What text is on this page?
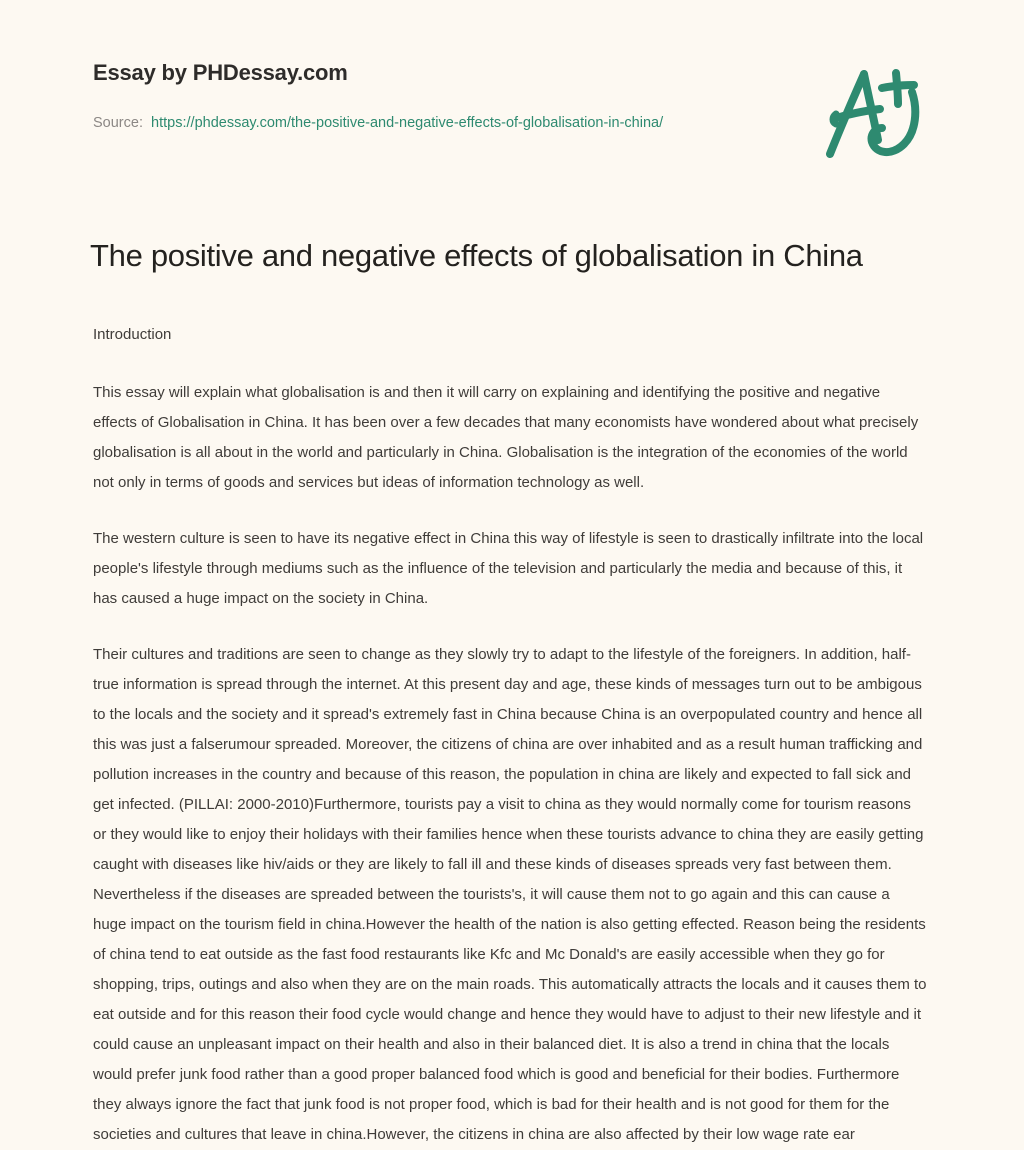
Essay by PHDessay.com
Source: https://phdessay.com/the-positive-and-negative-effects-of-globalisation-in-china/
The positive and negative effects of globalisation in China

Introduction

This essay will explain what globalisation is and then it will carry on explaining and identifying the positive and negative effects of Globalisation in China. It has been over a few decades that many economists have wondered about what precisely globalisation is all about in the world and particularly in China. Globalisation is the integration of the economies of the world not only in terms of goods and services but ideas of information technology as well.

The western culture is seen to have its negative effect in China this way of lifestyle is seen to drastically infiltrate into the local people's lifestyle through mediums such as the influence of the television and particularly the media and because of this, it has caused a huge impact on the society in China.

Their cultures and traditions are seen to change as they slowly try to adapt to the lifestyle of the foreigners. In addition, half-true information is spread through the internet. At this present day and age, these kinds of messages turn out to be ambigous to the locals and the society and it spread's extremely fast in China because China is an overpopulated country and hence all this was just a falserumour spreaded. Moreover, the citizens of china are over inhabited and as a result human trafficking and pollution increases in the country and because of this reason, the population in china are likely and expected to fall sick and get infected. (PILLAI: 2000-2010)Furthermore, tourists pay a visit to china as they would normally come for tourism reasons or they would like to enjoy their holidays with their families hence when these tourists advance to china they are easily getting caught with diseases like hiv/aids or they are likely to fall ill and these kinds of diseases spreads very fast between them. Nevertheless if the diseases are spreaded between the tourists's, it will cause them not to go again and this can cause a huge impact on the tourism field in china.However the health of the nation is also getting effected. Reason being the residents of china tend to eat outside as the fast food restaurants like Kfc and Mc Donald's are easily accessible when they go for shopping, trips, outings and also when they are on the main roads. This automatically attracts the locals and it causes them to eat outside and for this reason their food cycle would change and hence they would have to adjust to their new lifestyle and it could cause an unpleasant impact on their health and also in their balanced diet. It is also a trend in china that the locals would prefer junk food rather than a good proper balanced food which is good and beneficial for their bodies. Furthermore they always ignore the fact that junk food is not proper food, which is bad for their health and is not good for them for the societies and cultures that leave in china.However, the citizens in china are also affected by their low wage rate ear
